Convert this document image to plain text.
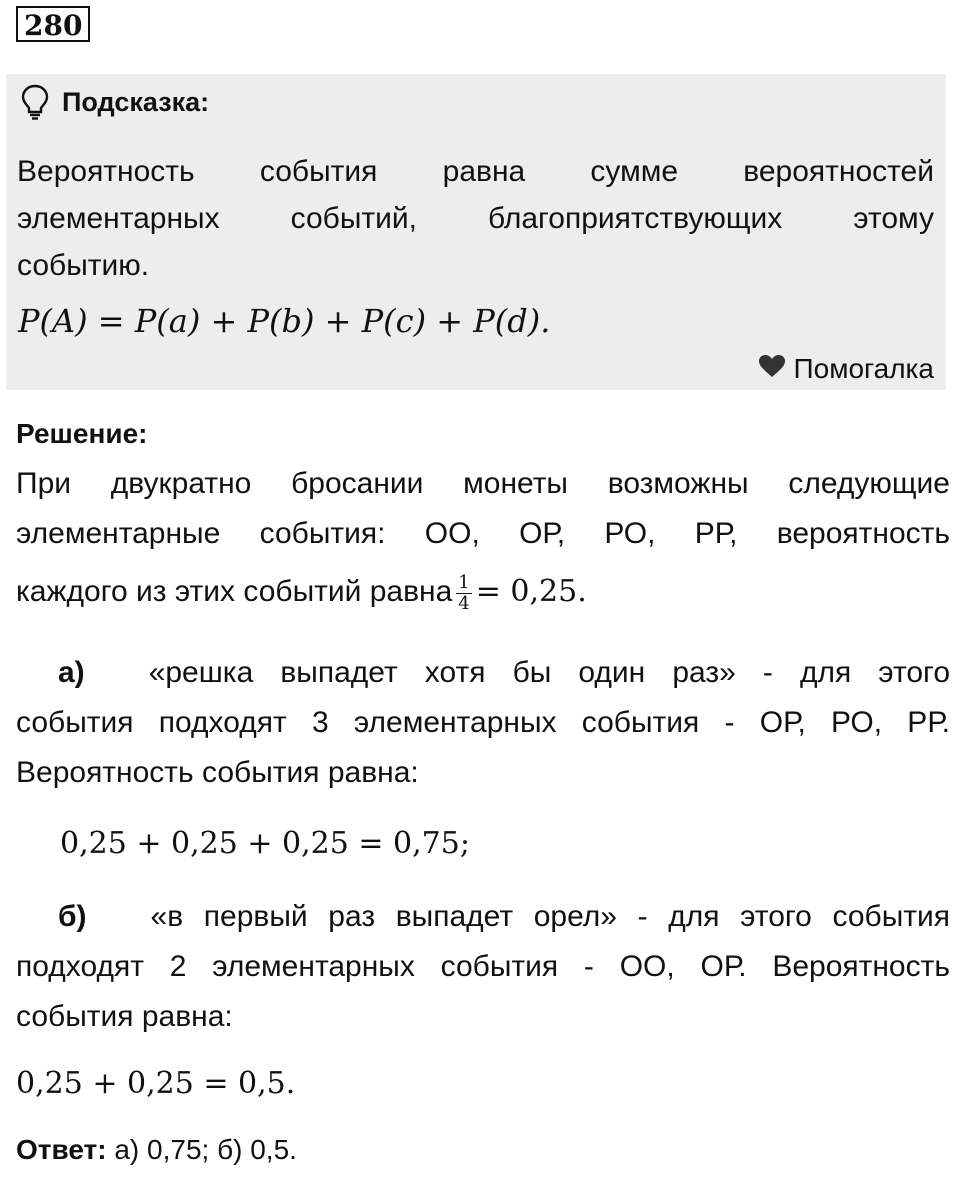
280
Подсказка:
Вероятность события равна сумме вероятностей
элементарных событий, благоприятствующих этому
событию.
P(A) = P(a) + P(b) + P(c) + P(d).
Помогалка
Решение:
При двукратно бросании монеты возможны следующие
элементарные события: ОО, ОР, РО, РР, вероятность
каждого из этих событий равна $\frac{1}{4} = 0,25$.
а) «решка выпадет хотя бы один раз» - для этого
события подходят 3 элементарных события - ОР, РО, РР.
Вероятность события равна:
0,25 + 0,25 + 0,25 = 0,75;
б) «в первый раз выпадет орел» - для этого события
подходят 2 элементарных события - ОО, ОР. Вероятность
события равна:
0,25 + 0,25 = 0,5.
Ответ: а) 0,75; б) 0,5.
